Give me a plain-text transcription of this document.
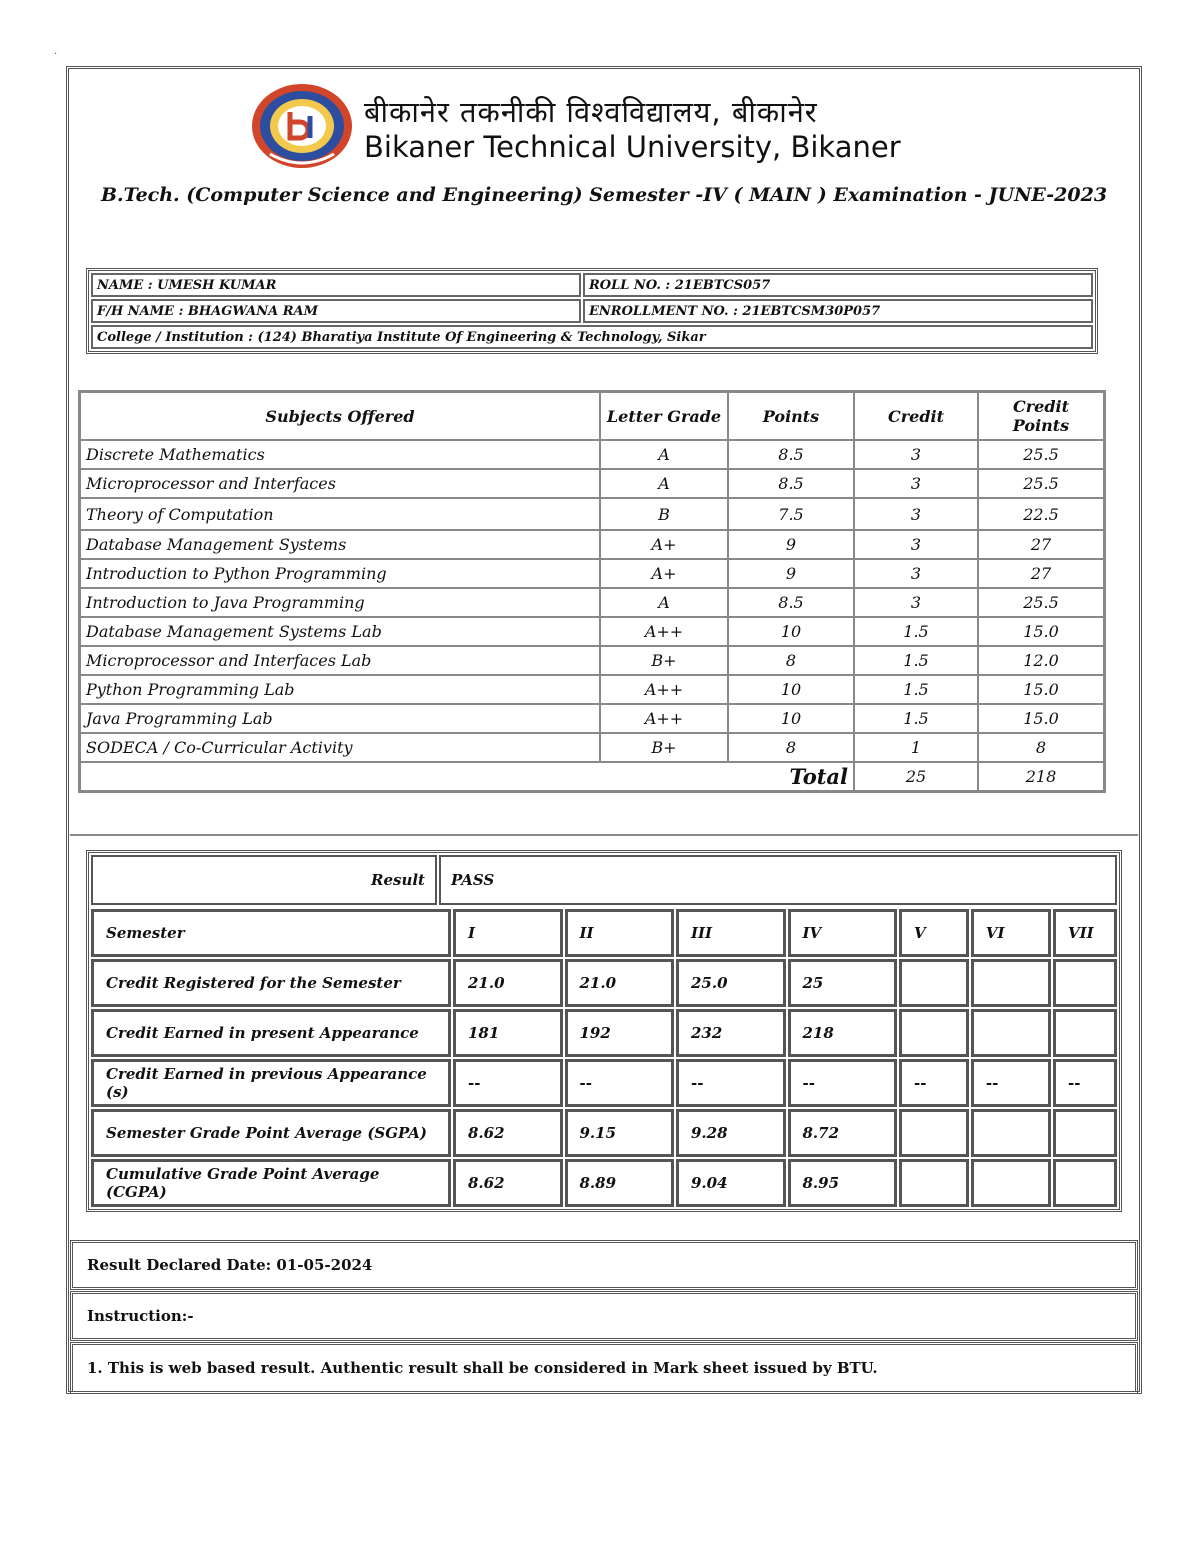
.
बीकानेर तकनीकी विश्वविद्यालय, बीकानेर
Bikaner Technical University, Bikaner
B.Tech. (Computer Science and Engineering) Semester -IV ( MAIN ) Examination - JUNE-2023
NAME : UMESH KUMAR	ROLL NO. : 21EBTCS057
F/H NAME : BHAGWANA RAM	ENROLLMENT NO. : 21EBTCSM30P057
College / Institution : (124) Bharatiya Institute Of Engineering & Technology, Sikar	
Subjects Offered	Letter Grade	Points	Credit	Credit Points
Discrete Mathematics	A	8.5	3	25.5
Microprocessor and Interfaces	A	8.5	3	25.5
Theory of Computation	B	7.5	3	22.5
Database Management Systems	A+	9	3	27
Introduction to Python Programming	A+	9	3	27
Introduction to Java Programming	A	8.5	3	25.5
Database Management Systems Lab	A++	10	1.5	15.0
Microprocessor and Interfaces Lab	B+	8	1.5	12.0
Python Programming Lab	A++	10	1.5	15.0
Java Programming Lab	A++	10	1.5	15.0
SODECA / Co-Curricular Activity	B+	8	1	8
Total			25	218
Result	PASS
Semester	I	II	III	IV	V	VI	VII
Credit Registered for the Semester	21.0	21.0	25.0	25			
Credit Earned in present Appearance	181	192	232	218			
Credit Earned in previous Appearance (s)	--	--	--	--	--	--	--
Semester Grade Point Average (SGPA)	8.62	9.15	9.28	8.72			
Cumulative Grade Point Average (CGPA)	8.62	8.89	9.04	8.95			
Result Declared Date: 01-05-2024
Instruction:-
1. This is web based result. Authentic result shall be considered in Mark sheet issued by BTU.
